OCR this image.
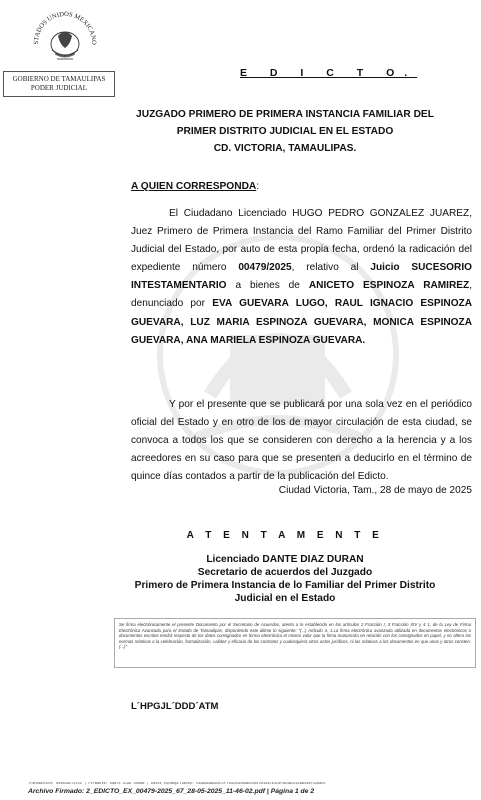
STADOS UNIDOS MEXICANO
GOBIERNO DE TAMAULIPAS
PODER JUDICIAL
E D I C T O.
JUZGADO PRIMERO DE PRIMERA INSTANCIA FAMILIAR DEL
PRIMER DISTRITO JUDICIAL EN EL ESTADO
CD. VICTORIA, TAMAULIPAS.
A QUIEN CORRESPONDA:
El Ciudadano Licenciado HUGO PEDRO GONZALEZ JUAREZ, Juez Primero de Primera Instancia del Ramo Familiar del Primer Distrito Judicial del Estado, por auto de esta propia fecha, ordenó la radicación del expediente número 00479/2025, relativo al Juicio SUCESORIO INTESTAMENTARIO a bienes de ANICETO ESPINOZA RAMIREZ, denunciado por EVA GUEVARA LUGO, RAUL IGNACIO ESPINOZA GUEVARA, LUZ MARIA ESPINOZA GUEVARA, MONICA ESPINOZA GUEVARA, ANA MARIELA ESPINOZA GUEVARA.
Y por el presente que se publicará por una sola vez en el periódico oficial del Estado y en otro de los de mayor circulación de esta ciudad, se convoca a todos los que se consideren con derecho a la herencia y a los acreedores en su caso para que se presenten a deducirlo en el término de quince días contados a partir de la publicación del Edicto.
Ciudad Victoria, Tam., 28 de mayo de 2025
A T E N T A M E N T E
Licenciado DANTE DIAZ DURAN
Secretario de acuerdos del Juzgado
Primero de Primera Instancia de lo Familiar del Primer Distrito
Judicial en el Estado
Se firma electrónicamente el presente Documento por el Secretario de Acuerdos, atento a lo establecido en los artículos 2 Fracción I, 3 Fracción XIV y 4 1, de la Ley de Firma Electrónica Avanzada para el Estado de Tamaulipas, disponiendo este último lo siguiente: "(...) Artículo 4. 1.La firma electrónica avanzada utilizada en documentos electrónicos o documentos escritos tendrá respecto de los datos consignados en forma electrónica el mismo valor que la firma manuscrita en relación con los consignados en papel, y no altera las normas relativas a la celebración, formalización, validez y eficacia de los contratos y cualesquiera otros actos jurídicos, ni las relativas a los documentos en que unos y otros consten. (...)"
L´HPGJL´DDD´ATM
Transacción: 004836271152 | Firmante: DANTE DIAZ DURAN | Datos Estampillados: 54AB5EAB9D47CF703245EB9B5C06F29164CE4C9FBE4BCD1E8B448F5298EE
Archivo Firmado: 2_EDICTO_EX_00479-2025_67_28-05-2025_11-46-02.pdf | Página 1 de 2
